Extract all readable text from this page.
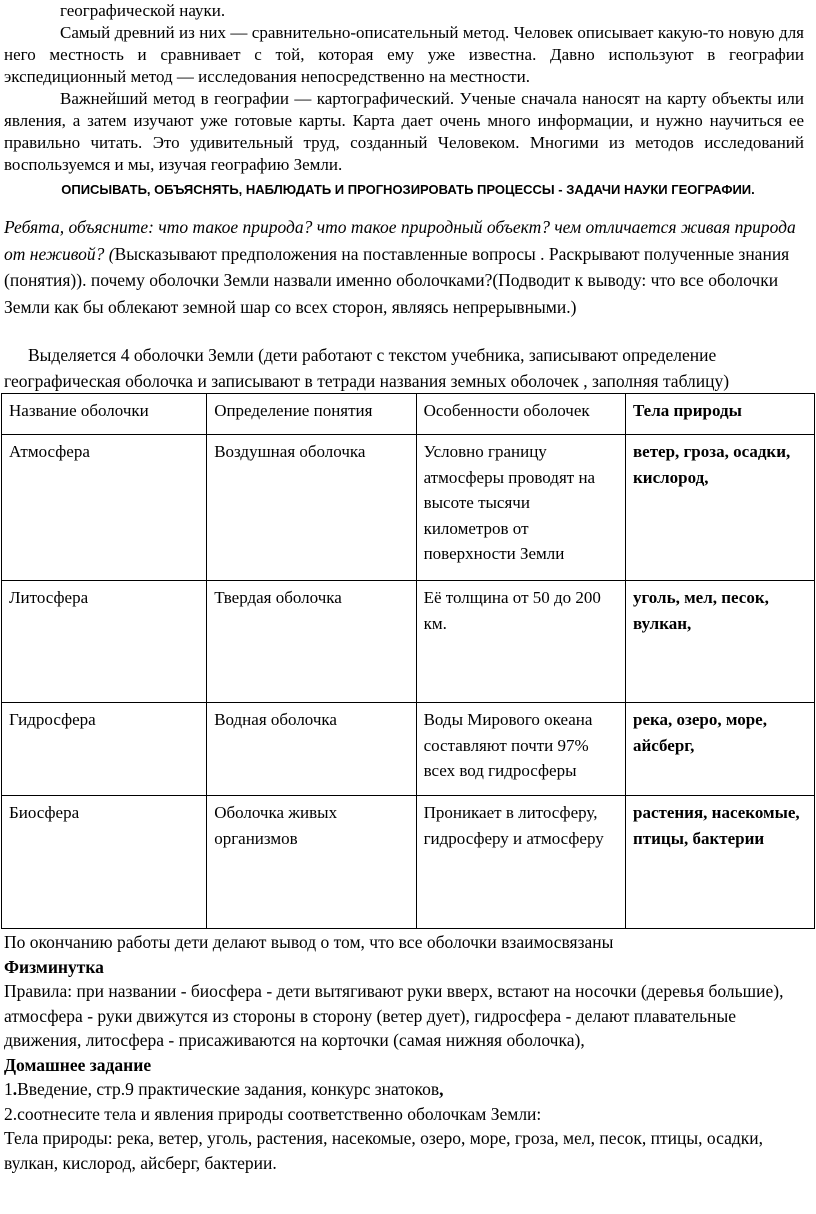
географической науки.

Самый древний из них — сравнительно-описательный метод. Человек описывает какую-то новую для него местность и сравнивает с той, которая ему уже известна. Давно используют в географии экспедиционный метод — исследования непосредственно на местности.

Важнейший метод в географии — картографический. Ученые сначала наносят на карту объекты или явления, а затем изучают уже готовые карты. Карта дает очень много информации, и нужно научиться ее правильно читать. Это удивительный труд, созданный Человеком. Многими из методов исследований воспользуемся и мы, изучая географию Земли.

ОПИСЫВАТЬ, ОБЪЯСНЯТЬ, НАБЛЮДАТЬ И ПРОГНОЗИРОВАТЬ ПРОЦЕССЫ - ЗАДАЧИ НАУКИ ГЕОГРАФИИ.
Ребята, объясните: что такое природа? что такое природный объект? чем отличается живая природа от неживой? (Высказывают предположения на поставленные вопросы . Раскрывают полученные знания (понятия)). почему оболочки Земли назвали именно оболочками?(Подводит к выводу: что все оболочки Земли как бы облекают земной шар со всех сторон, являясь непрерывными.)
Выделяется 4 оболочки Земли (дети работают с текстом учебника, записывают определение географическая оболочка и записывают в тетради названия земных оболочек , заполняя таблицу)
Название оболочки	Определение понятия	Особенности оболочек	Тела природы
Атмосфера	Воздушная оболочка	Условно границу атмосферы проводят на высоте тысячи километров от поверхности Земли	ветер, гроза, осадки, кислород,
Литосфера	Твердая оболочка	Её толщина от 50 до 200 км.	уголь, мел, песок, вулкан,
Гидросфера	Водная оболочка	Воды Мирового океана составляют почти 97% всех вод гидросферы	река, озеро, море, айсберг,
Биосфера	Оболочка живых организмов	Проникает в литосферу, гидросферу и атмосферу	растения, насекомые, птицы, бактерии

По окончанию работы дети делают вывод о том, что все оболочки взаимосвязаны

Физминутка

Правила: при названии - биосфера - дети вытягивают руки вверх, встают на носочки (деревья большие), атмосфера - руки движутся из стороны в сторону (ветер дует), гидросфера - делают плавательные движения, литосфера - присаживаются на корточки (самая нижняя оболочка),

Домашнее задание

1.Введение, стр.9 практические задания, конкурс знатоков,

2.соотнесите тела и явления природы соответственно оболочкам Земли:

Тела природы: река, ветер, уголь, растения, насекомые, озеро, море, гроза, мел, песок, птицы, осадки, вулкан, кислород, айсберг, бактерии.
